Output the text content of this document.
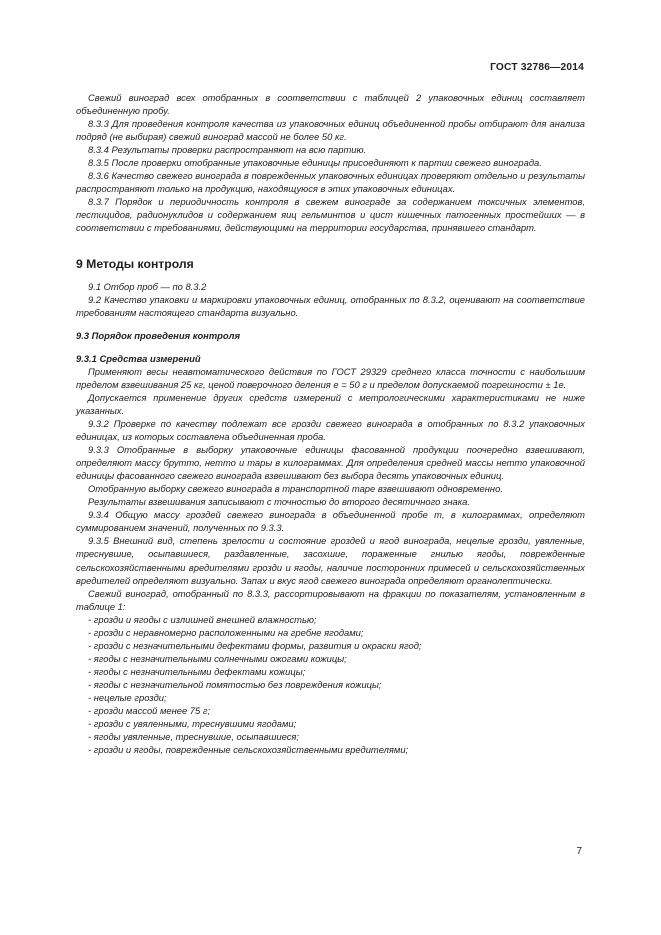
ГОСТ 32786—2014

Свежий виноград всех отобранных в соответствии с таблицей 2 упаковочных единиц составляет объединенную пробу.

8.3.3 Для проведения контроля качества из упаковочных единиц объединенной пробы отбирают для анализа подряд (не выбирая) свежий виноград массой не более 50 кг.

8.3.4 Результаты проверки распространяют на всю партию.

8.3.5 После проверки отобранные упаковочные единицы присоединяют к партии свежего винограда.

8.3.6 Качество свежего винограда в поврежденных упаковочных единицах проверяют отдельно и результаты распространяют только на продукцию, находящуюся в этих упаковочных единицах.

8.3.7 Порядок и периодичность контроля в свежем винограде за содержанием токсичных элементов, пестицидов, радионуклидов и содержанием яиц гельминтов и цист кишечных патогенных простейших — в соответствии с требованиями, действующими на территории государства, принявшего стандарт.

9 Методы контроля

9.1 Отбор проб — по 8.3.2

9.2 Качество упаковки и маркировки упаковочных единиц, отобранных по 8.3.2, оценивают на соответствие требованиям настоящего стандарта визуально.

9.3 Порядок проведения контроля

9.3.1 Средства измерений

Применяют весы неавтоматического действия по ГОСТ 29329 среднего класса точности с наибольшим пределом взвешивания 25 кг, ценой поверочного деления e = 50 г и пределом допускаемой погрешности ± 1e.

Допускается применение других средств измерений с метрологическими характеристиками не ниже указанных.

9.3.2 Проверке по качеству подлежат все грозди свежего винограда в отобранных по 8.3.2 упаковочных единицах, из которых составлена объединенная проба.

9.3.3 Отобранные в выборку упаковочные единицы фасованной продукции поочередно взвешивают, определяют массу брутто, нетто и тары в килограммах. Для определения средней массы нетто упаковочной единицы фасованного свежего винограда взвешивают без выбора десять упаковочных единиц.

Отобранную выборку свежего винограда в транспортной таре взвешивают одновременно.

Результаты взвешивания записывают с точностью до второго десятичного знака.

9.3.4 Общую массу гроздей свежего винограда в объединенной пробе m, в килограммах, определяют суммированием значений, полученных по 9.3.3.

9.3.5 Внешний вид, степень зрелости и состояние гроздей и ягод винограда, нецелые грозди, увяленные, треснувшие, осыпавшиеся, раздавленные, засохшие, пораженные гнилью ягоды, поврежденные сельскохозяйственными вредителями грозди и ягоды, наличие посторонних примесей и сельскохозяйственных вредителей определяют визуально. Запах и вкус ягод свежего винограда определяют органолептически.

Свежий виноград, отобранный по 8.3.3, рассортировывают на фракции по показателям, установленным в таблице 1:

- грозди и ягоды с излишней внешней влажностью;

- грозди с неравномерно расположенными на гребне ягодами;

- грозди с незначительными дефектами формы, развития и окраски ягод;

- ягоды с незначительными солнечными ожогами кожицы;

- ягоды с незначительными дефектами кожицы;

- ягоды с незначительной помятостью без повреждения кожицы;

- нецелые грозди;

- грозди массой менее 75 г;

- грозди с увяленными, треснувшими ягодами;

- ягоды увяленные, треснувшие, осыпавшиеся;

- грозди и ягоды, поврежденные сельскохозяйственными вредителями;

7
